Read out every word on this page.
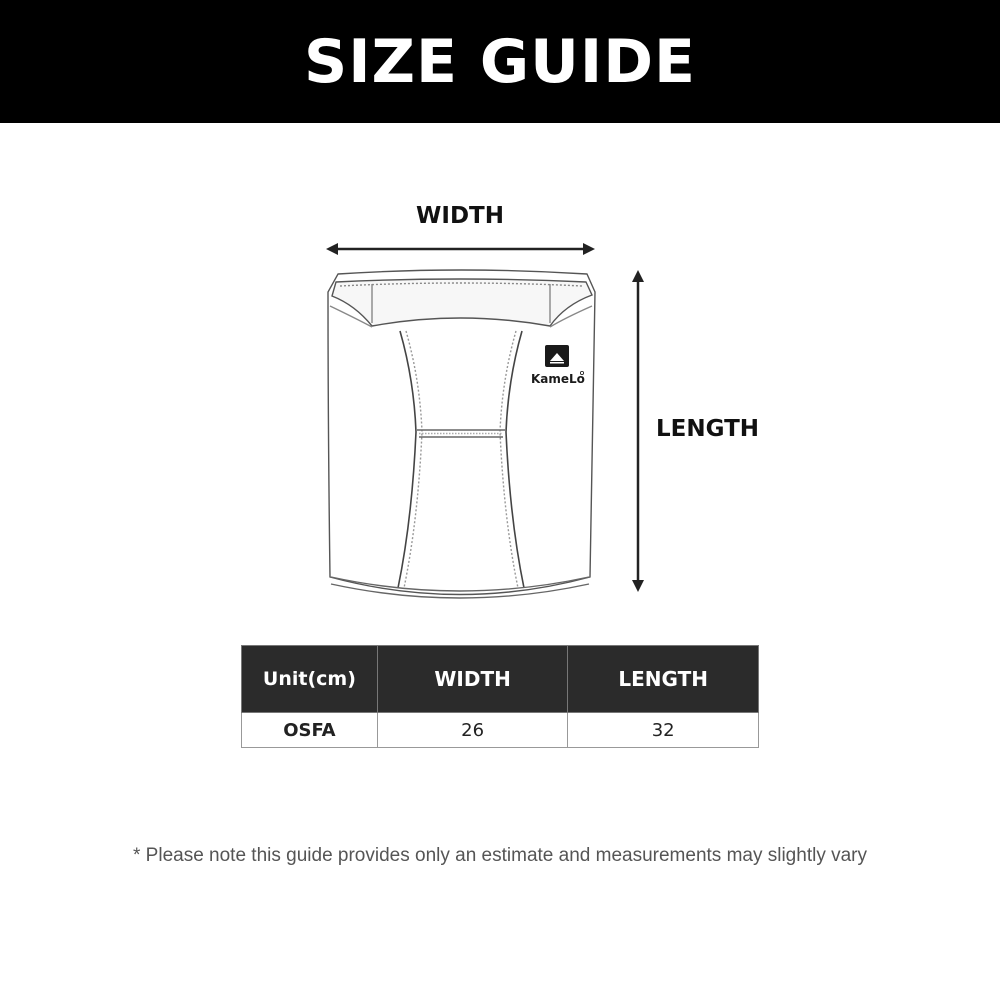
SIZE GUIDE
KameLo
WIDTH
LENGTH
Unit(cm)	WIDTH	LENGTH
OSFA	26	32
* Please note this guide provides only an estimate and measurements may slightly vary
